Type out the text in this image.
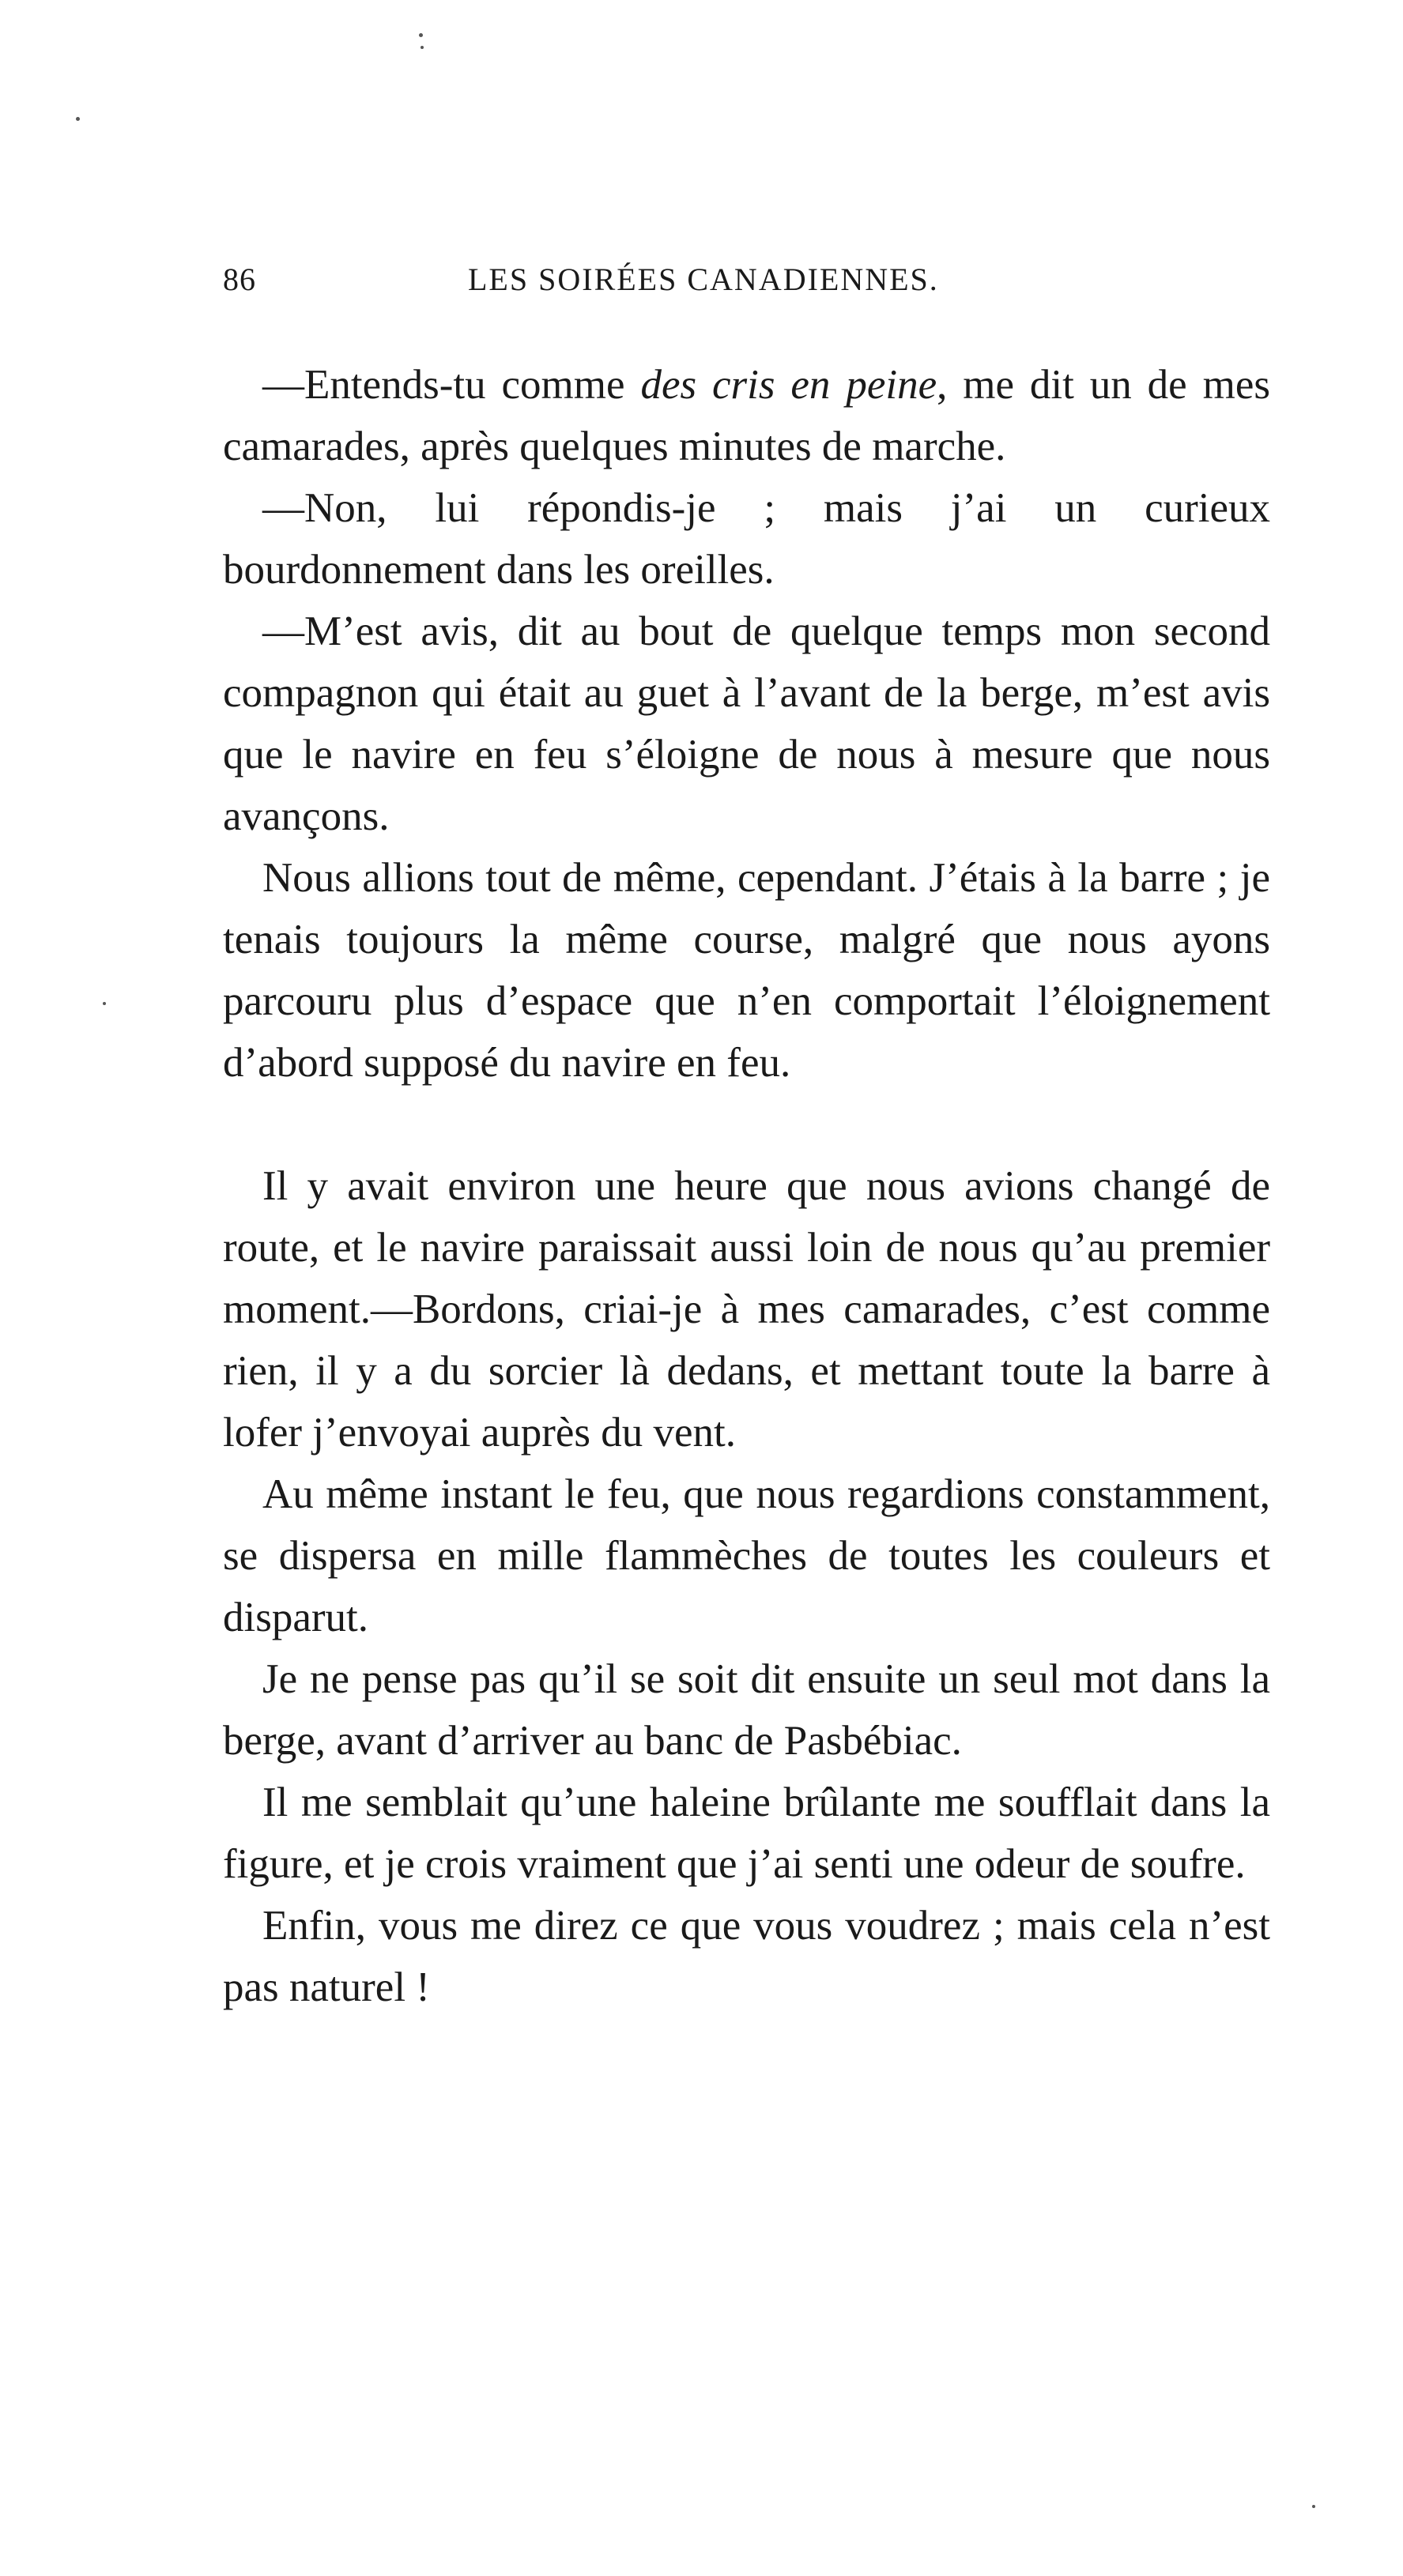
86	LES SOIRÉES CANADIENNES.

—Entends-tu comme des cris en peine, me dit un de mes camarades, après quelques minutes de marche.

—Non, lui répondis-je ; mais j’ai un curieux bourdonnement dans les oreilles.

—M’est avis, dit au bout de quelque temps mon second compagnon qui était au guet à l’avant de la berge, m’est avis que le navire en feu s’éloigne de nous à mesure que nous avançons.

Nous allions tout de même, cependant. J’étais à la barre ; je tenais toujours la même course, malgré que nous ayons parcouru plus d’espace que n’en comportait l’éloignement d’abord supposé du navire en feu.

Il y avait environ une heure que nous avions changé de route, et le navire paraissait aussi loin de nous qu’au premier moment.—Bordons, criai-je à mes camarades, c’est comme rien, il y a du sorcier là dedans, et mettant toute la barre à lofer j’envoyai auprès du vent.

Au même instant le feu, que nous regardions constamment, se dispersa en mille flammèches de toutes les couleurs et disparut.

Je ne pense pas qu’il se soit dit ensuite un seul mot dans la berge, avant d’arriver au banc de Pasbébiac.

Il me semblait qu’une haleine brûlante me soufflait dans la figure, et je crois vraiment que j’ai senti une odeur de soufre.

Enfin, vous me direz ce que vous voudrez ; mais cela n’est pas naturel !
